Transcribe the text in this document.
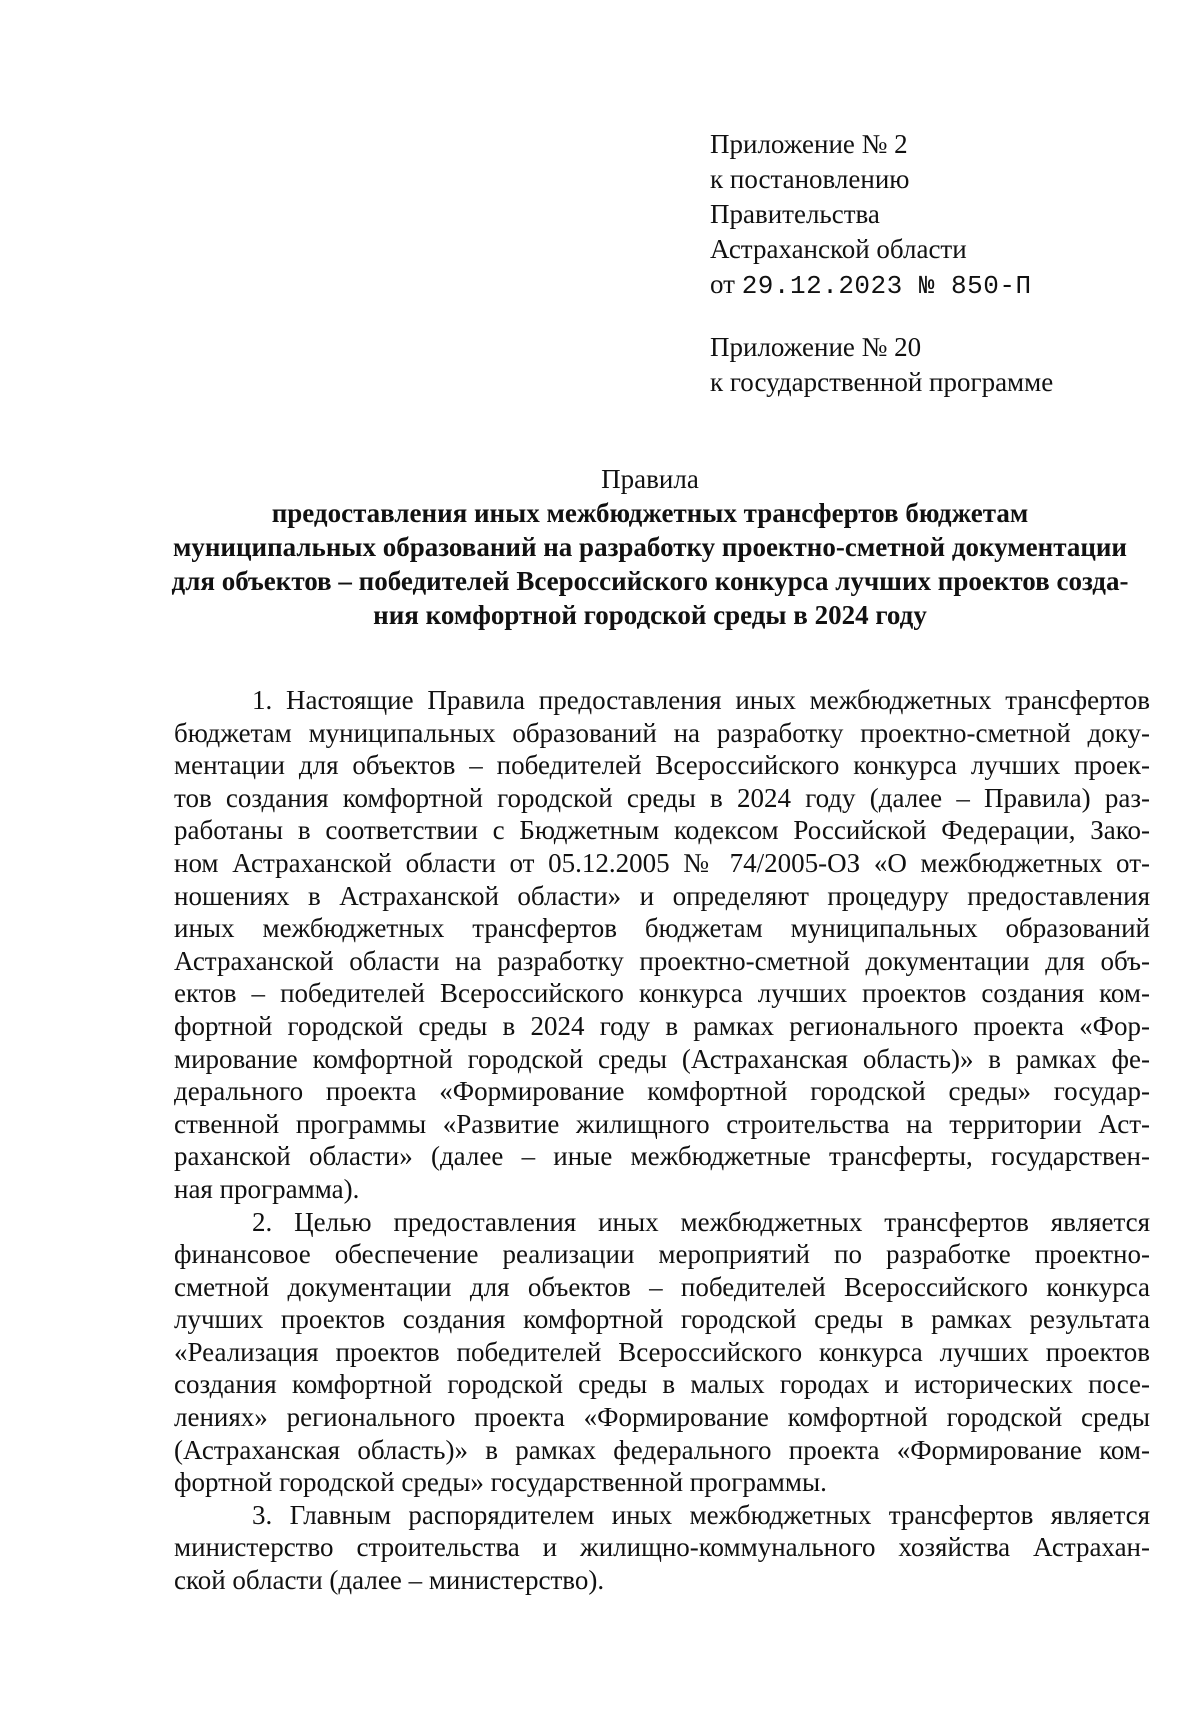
Приложение № 2
к постановлению
Правительства
Астраханской области
от 29.12.2023 № 850-П
Приложение № 20
к государственной программе
Правила
предоставления иных межбюджетных трансфертов бюджетам
муниципальных образований на разработку проектно-сметной документации
для объектов – победителей Всероссийского конкурса лучших проектов созда-
ния комфортной городской среды в 2024 году
1. Настоящие Правила предоставления иных межбюджетных трансфертов
бюджетам муниципальных образований на разработку проектно-сметной доку-
ментации для объектов – победителей Всероссийского конкурса лучших проек-
тов создания комфортной городской среды в 2024 году (далее – Правила) раз-
работаны в соответствии с Бюджетным кодексом Российской Федерации, Зако-
ном Астраханской области от 05.12.2005 № 74/2005-ОЗ «О межбюджетных от-
ношениях в Астраханской области» и определяют процедуру предоставления
иных межбюджетных трансфертов бюджетам муниципальных образований
Астраханской области на разработку проектно-сметной документации для объ-
ектов – победителей Всероссийского конкурса лучших проектов создания ком-
фортной городской среды в 2024 году в рамках регионального проекта «Фор-
мирование комфортной городской среды (Астраханская область)» в рамках фе-
дерального проекта «Формирование комфортной городской среды» государ-
ственной программы «Развитие жилищного строительства на территории Аст-
раханской области» (далее – иные межбюджетные трансферты, государствен-
ная программа).
2. Целью предоставления иных межбюджетных трансфертов является
финансовое обеспечение реализации мероприятий по разработке проектно-
сметной документации для объектов – победителей Всероссийского конкурса
лучших проектов создания комфортной городской среды в рамках результата
«Реализация проектов победителей Всероссийского конкурса лучших проектов
создания комфортной городской среды в малых городах и исторических посе-
лениях» регионального проекта «Формирование комфортной городской среды
(Астраханская область)» в рамках федерального проекта «Формирование ком-
фортной городской среды» государственной программы.
3. Главным распорядителем иных межбюджетных трансфертов является
министерство строительства и жилищно-коммунального хозяйства Астрахан-
ской области (далее – министерство).
